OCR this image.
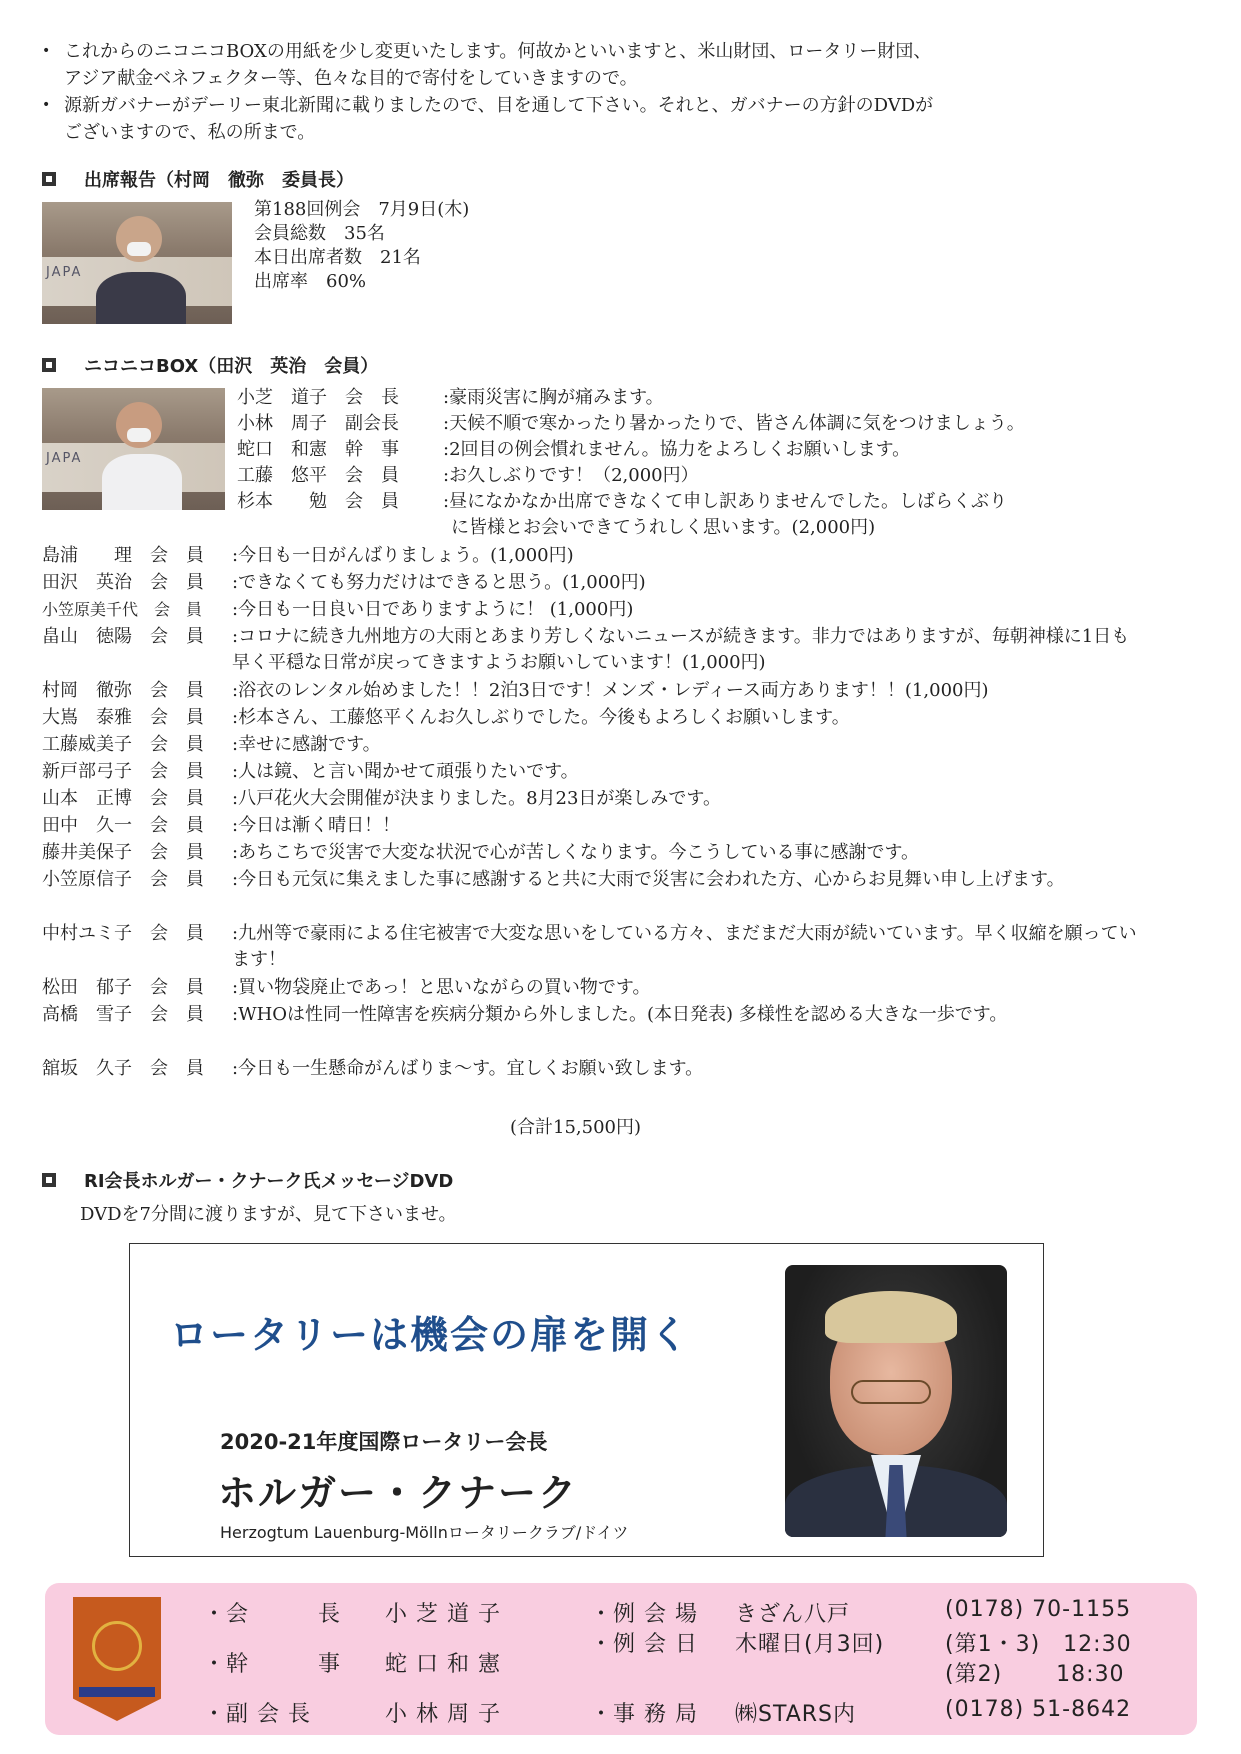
• これからのニコニコBOXの用紙を少し変更いたします。何故かといいますと、米山財団、ロータリー財団、
アジア献金ベネフェクター等、色々な目的で寄付をしていきますので。
• 源新ガバナーがデーリー東北新聞に載りましたので、目を通して下さい。それと、ガバナーの方針のDVDが
ございますので、私の所まで。
出席報告（村岡　徹弥　委員長）
JAPA
第188回例会　7月9日(木)
会員総数　35名
本日出席者数　21名
出席率　60%
ニコニコBOX（田沢　英治　会員）
JAPA
小芝　道子　会　長	:豪雨災害に胸が痛みます。
小林　周子　副会長	:天候不順で寒かったり暑かったりで、皆さん体調に気をつけましょう。
蛇口　和憲　幹　事	:2回目の例会慣れません。協力をよろしくお願いします。
工藤　悠平　会　員	:お久しぶりです！（2,000円）
杉本　　勉　会　員	:昼になかなか出席できなくて申し訳ありませんでした。しばらくぶり
に皆様とお会いできてうれしく思います。(2,000円)
島浦　　理　会　員	:今日も一日がんばりましょう。(1,000円)
田沢　英治　会　員	:できなくても努力だけはできると思う。(1,000円)
小笠原美千代　会　員	:今日も一日良い日でありますように！ (1,000円)
畠山　徳陽　会　員	:コロナに続き九州地方の大雨とあまり芳しくないニュースが続きます。非力ではありますが、毎朝神様に1日も早く平穏な日常が戻ってきますようお願いしています！(1,000円)
村岡　徹弥　会　員	:浴衣のレンタル始めました！！2泊3日です！メンズ・レディース両方あります！！(1,000円)
大嶌　泰雅　会　員	:杉本さん、工藤悠平くんお久しぶりでした。今後もよろしくお願いします。
工藤威美子　会　員	:幸せに感謝です。
新戸部弓子　会　員	:人は鏡、と言い聞かせて頑張りたいです。
山本　正博　会　員	:八戸花火大会開催が決まりました。8月23日が楽しみです。
田中　久一　会　員	:今日は漸く晴日！！
藤井美保子　会　員	:あちこちで災害で大変な状況で心が苦しくなります。今こうしている事に感謝です。
小笠原信子　会　員	:今日も元気に集えました事に感謝すると共に大雨で災害に会われた方、心からお見舞い申し上げます。
中村ユミ子　会　員	:九州等で豪雨による住宅被害で大変な思いをしている方々、まだまだ大雨が続いています。早く収縮を願っています！
松田　郁子　会　員	:買い物袋廃止であっ！と思いながらの買い物です。
高橋　雪子　会　員	:WHOは性同一性障害を疾病分類から外しました。(本日発表) 多様性を認める大きな一歩です。
舘坂　久子　会　員	:今日も一生懸命がんばりま〜す。宜しくお願い致します。
(合計15,500円)
RI会長ホルガー・クナーク氏メッセージDVD
DVDを7分間に渡りますが、見て下さいませ。
ロータリーは機会の扉を開く
2020-21年度国際ロータリー会長
ホルガー・クナーク
Herzogtum Lauenburg-Möllnロータリークラブ/ドイツ
・会　　　長 小 芝 道 子
・幹　　　事 蛇 口 和 憲
・副 会 長	小 林 周 子
・例 会 場 きざん八戸	(0178) 70-1155
・例 会 日 木曜日(月3回)	(第1・3)　12:30
(第2)　　 18:30
・事 務 局 ㈱STARS内	(0178) 51-8642
